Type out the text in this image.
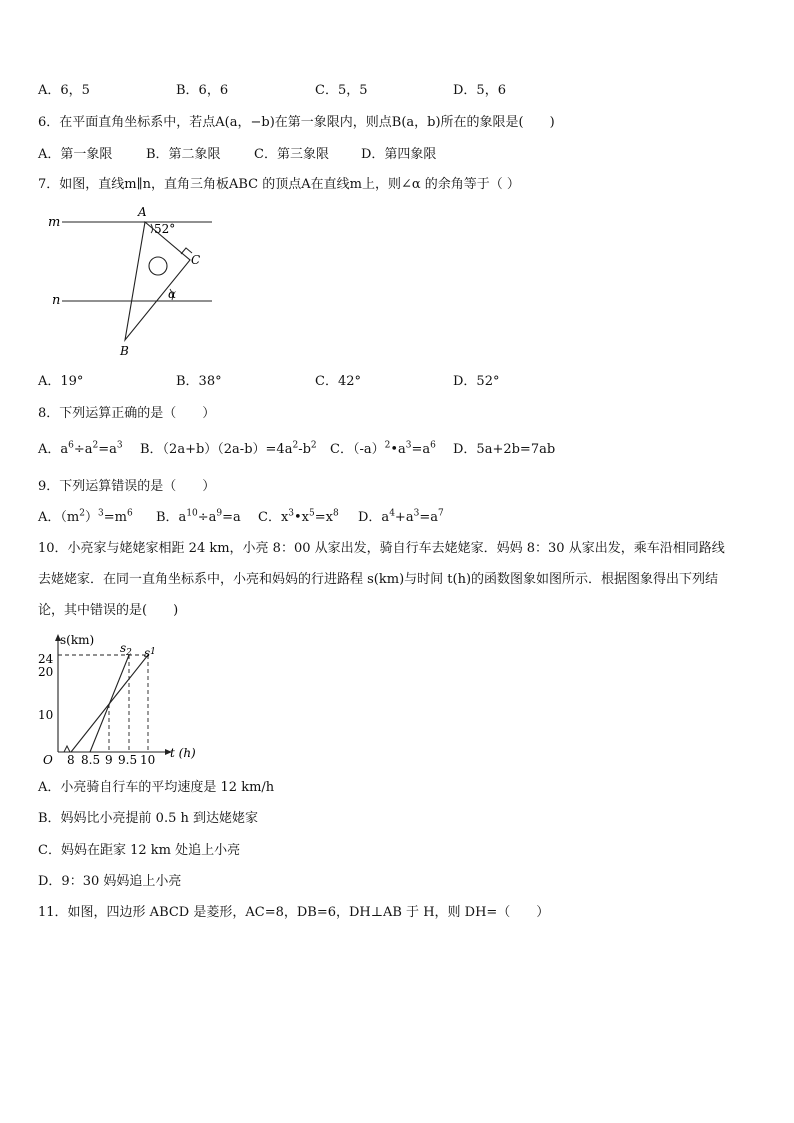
A．6，5	B．6，6	C．5，5	D．5，6
6．在平面直角坐标系中，若点A(a，−b)在第一象限内，则点B(a，b)所在的象限是(　　)
A．第一象限	B．第二象限	C．第三象限 D．第四象限
7．如图，直线m∥n，直角三角板ABC 的顶点A在直线m上，则∠α 的余角等于（ ）
m
n
A
B
C
52°
α
A．19°	B．38°	C．42°	D．52°
8．下列运算正确的是（　　）
A．$a^6\div a^2=a^3$ B．$(2a+b)(2a-b)=4a^2-b^2$ C．$(-a)^2•a^3=a^6$ D．5a+2b=7ab
9．下列运算错误的是（　　）
A．$(m^2)^3=m^6$ B．$a^{10}\div a^9=a$ C．$x^3•x^5=x^8$ D．$a^4+a^3=a^7$
10．小亮家与姥姥家相距 24 km，小亮 8：00 从家出发，骑自行车去姥姥家．妈妈 8：30 从家出发，乘车沿相同路线
去姥姥家．在同一直角坐标系中，小亮和妈妈的行进路程 s(km)与时间 t(h)的函数图象如图所示．根据图象得出下列结
论，其中错误的是(　　)
s(km)
t (h)
O
24
20
10
8 8.5 9 9.5 10
$s_2$ $s^1$
A．小亮骑自行车的平均速度是 12 km/h
B．妈妈比小亮提前 0.5 h 到达姥姥家
C．妈妈在距家 12 km 处追上小亮
D．9：30 妈妈追上小亮
11．如图，四边形 ABCD 是菱形，AC=8，DB=6，DH⊥AB 于 H，则 DH=（　　）
